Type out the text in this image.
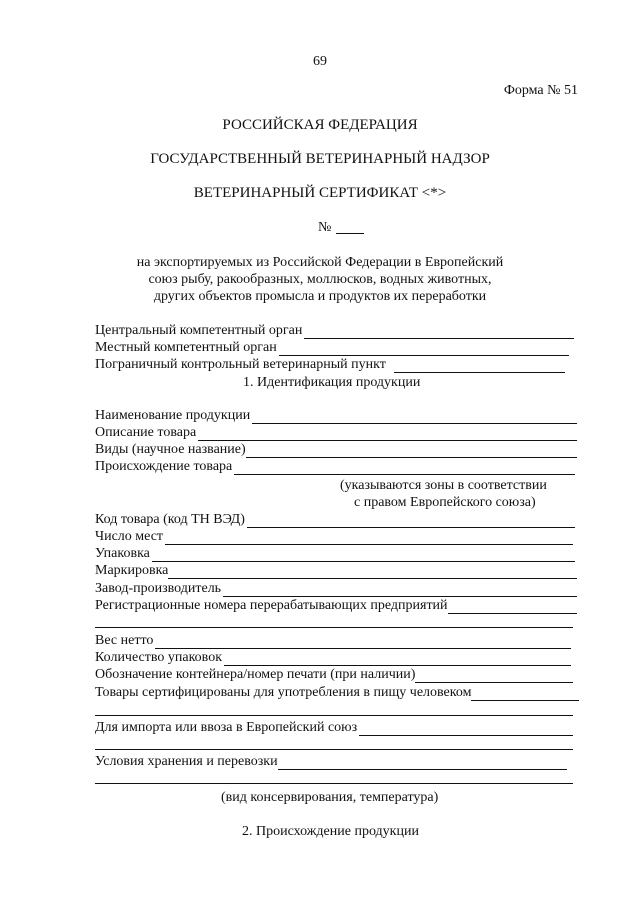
69
Форма № 51
РОССИЙСКАЯ ФЕДЕРАЦИЯ
ГОСУДАРСТВЕННЫЙ ВЕТЕРИНАРНЫЙ НАДЗОР
ВЕТЕРИНАРНЫЙ СЕРТИФИКАТ <*>
№
на экспортируемых из Российской Федерации в Европейский
союз рыбу, ракообразных, моллюсков, водных животных,
других объектов промысла и продуктов их переработки
Центральный компетентный орган
Местный компетентный орган
Пограничный контрольный ветеринарный пункт
1. Идентификация продукции
Наименование продукции
Описание товара
Виды (научное название)
Происхождение товара
(указываются зоны в соответствии
с правом Европейского союза)
Код товара (код ТН ВЭД)
Число мест
Упаковка
Маркировка
Завод-производитель
Регистрационные номера перерабатывающих предприятий
Вес нетто
Количество упаковок
Обозначение контейнера/номер печати (при наличии)
Товары сертифицированы для употребления в пищу человеком
Для импорта или ввоза в Европейский союз
Условия хранения и перевозки
(вид консервирования, температура)
2. Происхождение продукции
